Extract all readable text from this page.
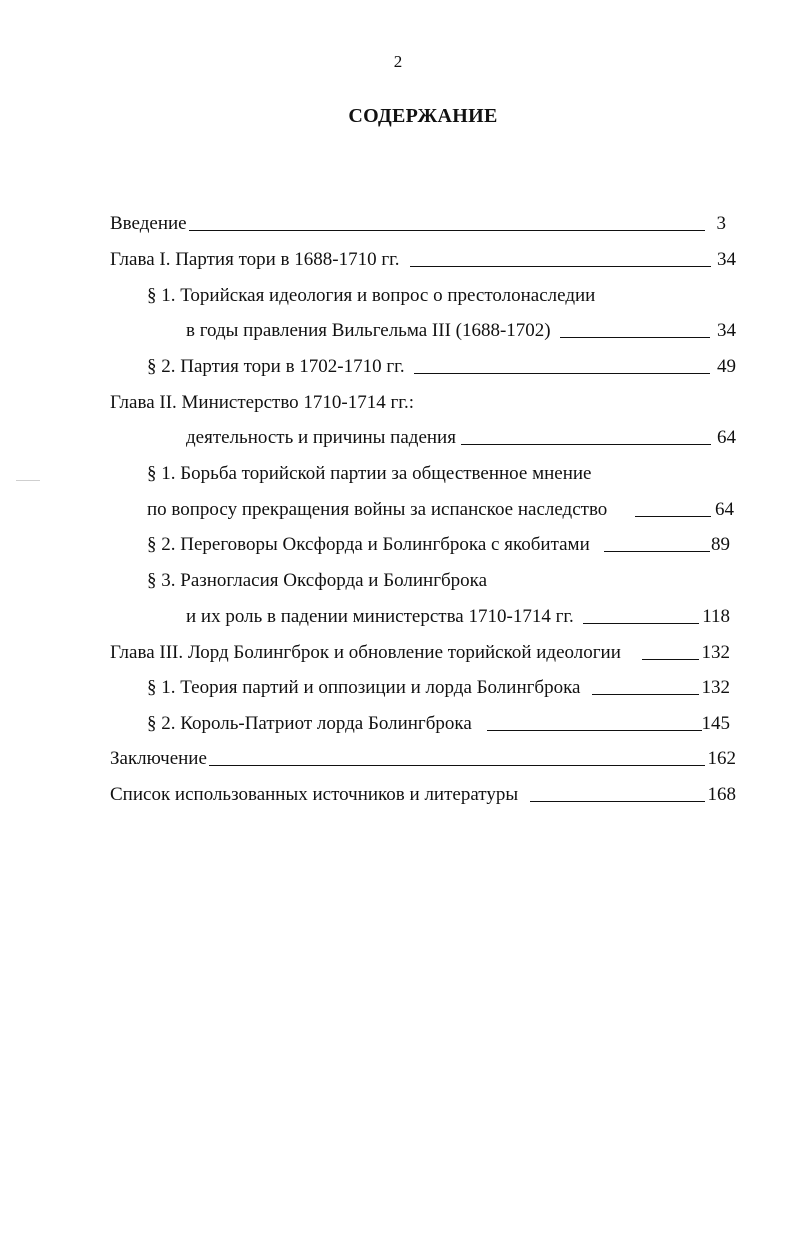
2
СОДЕРЖАНИЕ
Введение	3
Глава I. Партия тори в 1688-1710 гг.	34
§ 1. Торийская идеология и вопрос о престолонаследии
в годы правления Вильгельма III (1688-1702)	34
§ 2. Партия тори в 1702-1710 гг.	49
Глава II. Министерство 1710-1714 гг.:
деятельность и причины падения	64
§ 1. Борьба торийской партии за общественное мнение
по вопросу прекращения войны за испанское наследство	64
§ 2. Переговоры Оксфорда и Болингброка с якобитами	89
§ 3. Разногласия Оксфорда и Болингброка
и их роль в падении министерства 1710-1714 гг.	118
Глава III. Лорд Болингброк и обновление торийской идеологии	132
§ 1. Теория партий и оппозиции и лорда Болингброка	132
§ 2. Король-Патриот лорда Болингброка	145
Заключение	162
Список использованных источников и литературы	168
